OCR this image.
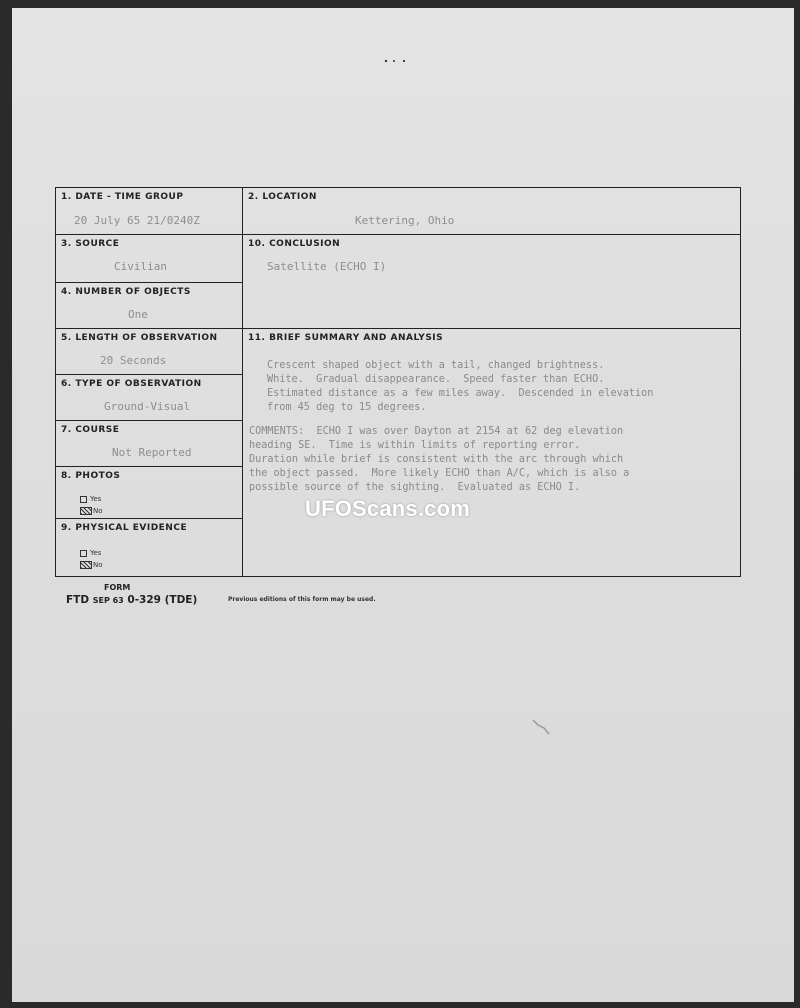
1. DATE - TIME GROUP
20 July 65 21/0240Z
2. LOCATION
Kettering, Ohio
3. SOURCE
Civilian
4. NUMBER OF OBJECTS
One
5. LENGTH OF OBSERVATION
20 Seconds
6. TYPE OF OBSERVATION
Ground-Visual
7. COURSE
Not Reported
8. PHOTOS
Yes
No
9. PHYSICAL EVIDENCE
Yes
No
10. CONCLUSION
Satellite (ECHO I)
11. BRIEF SUMMARY AND ANALYSIS

Crescent shaped object with a tail, changed brightness.

White.  Gradual disappearance.  Speed faster than ECHO.

Estimated distance as a few miles away.  Descended in elevation

from 45 deg to 15 degrees.

COMMENTS:  ECHO I was over Dayton at 2154 at 62 deg elevation

heading SE.  Time is within limits of reporting error.

Duration while brief is consistent with the arc through which

the object passed.  More likely ECHO than A/C, which is also a

possible source of the sighting.  Evaluated as ECHO I.

UFOScans.com
FORM
FTD SEP 63 0-329 (TDE)	Previous editions of this form may be used.
